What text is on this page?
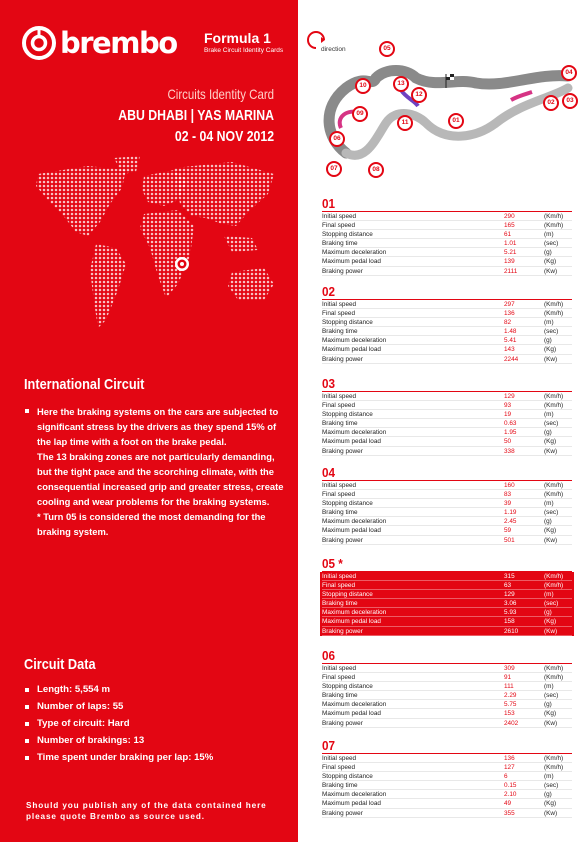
brembo Formula 1
Brake Circuit Identity Cards
Circuits Identity Card
ABU DHABI | YAS MARINA
02 - 04 NOV 2012
International Circuit

Here the braking systems on the cars are subjected to significant stress by the drivers as they spend 15% of the lap time with a foot on the brake pedal.

The 13 braking zones are not particularly demanding, but the tight pace and the scorching climate, with the consequential increased grip and greater stress, create cooling and wear problems for the braking systems.

* Turn 05 is considered the most demanding for the braking system.

Circuit Data
Length: 5,554 m
Number of laps: 55
Type of circuit: Hard
Number of brakings: 13
Time spent under braking per lap: 15%
Should you publish any of the data contained here please quote Brembo as source used.
direction
01
02	03
04
05
06
07	08
09
10
11
12
13
01
Initial speed	290	(Km/h)
Final speed	165	(Km/h)
Stopping distance	61	(m)
Braking time	1.01	(sec)
Maximum deceleration	5.21	(g)
Maximum pedal load	139	(Kg)
Braking power	2111	(Kw)
02
Initial speed	297	(Km/h)
Final speed	136	(Km/h)
Stopping distance	82	(m)
Braking time	1.48	(sec)
Maximum deceleration	5.41	(g)
Maximum pedal load	143	(Kg)
Braking power	2244	(Kw)
03
Initial speed	129	(Km/h)
Final speed	93	(Km/h)
Stopping distance	19	(m)
Braking time	0.63	(sec)
Maximum deceleration	1.95	(g)
Maximum pedal load	50	(Kg)
Braking power	338	(Kw)
04
Initial speed	160	(Km/h)
Final speed	83	(Km/h)
Stopping distance	39	(m)
Braking time	1.19	(sec)
Maximum deceleration	2.45	(g)
Maximum pedal load	59	(Kg)
Braking power	501	(Kw)
05 *
Initial speed	315	(Km/h)
Final speed	63	(Km/h)
Stopping distance	129	(m)
Braking time	3.06	(sec)
Maximum deceleration	5.93	(g)
Maximum pedal load	158	(Kg)
Braking power	2610	(Kw)
06
Initial speed	309	(Km/h)
Final speed	91	(Km/h)
Stopping distance	111	(m)
Braking time	2.29	(sec)
Maximum deceleration	5.75	(g)
Maximum pedal load	153	(Kg)
Braking power	2402	(Kw)
07
Initial speed	136	(Km/h)
Final speed	127	(Km/h)
Stopping distance	6	(m)
Braking time	0.15	(sec)
Maximum deceleration	2.10	(g)
Maximum pedal load	49	(Kg)
Braking power	355	(Kw)
